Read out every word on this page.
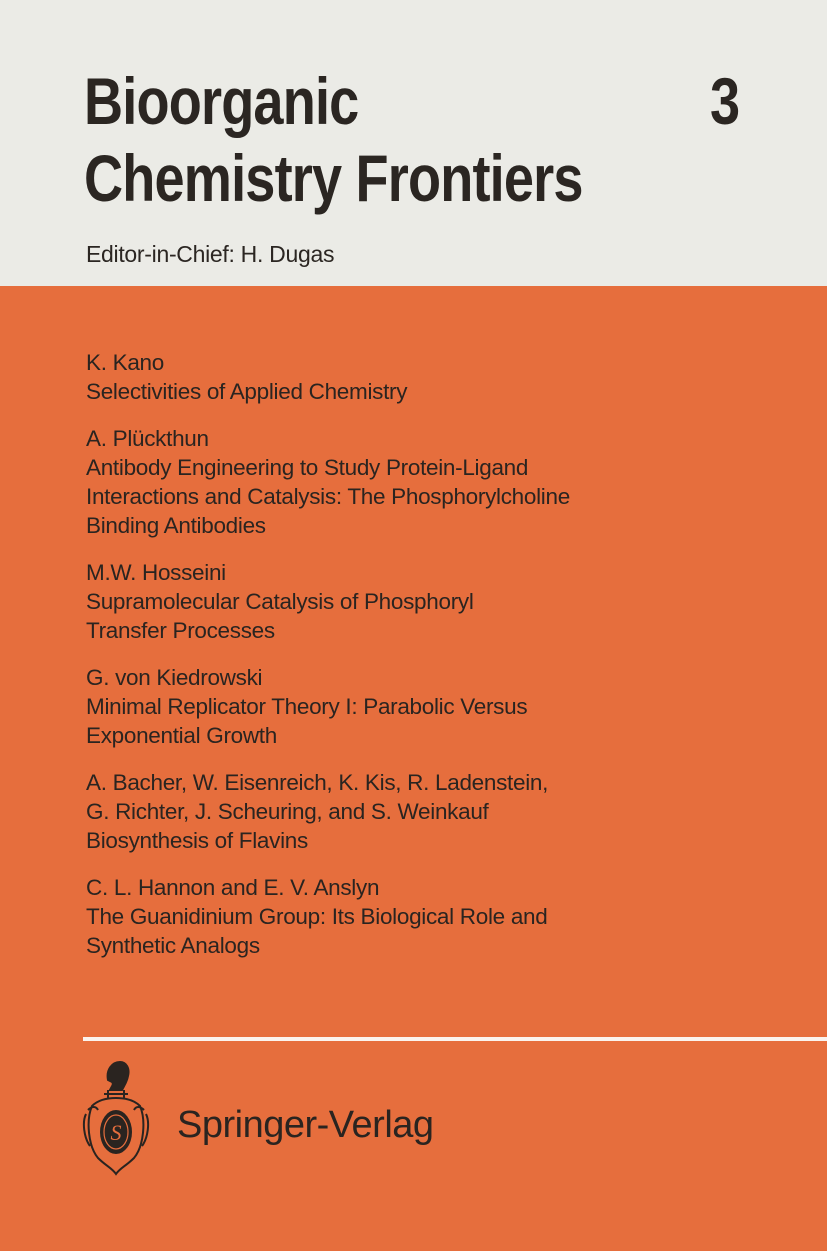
Bioorganic
Chemistry Frontiers
3
Editor-in-Chief: H. Dugas
K. Kano
Selectivities of Applied Chemistry
A. Plückthun
Antibody Engineering to Study Protein-Ligand
Interactions and Catalysis: The Phosphorylcholine
Binding Antibodies
M.W. Hosseini
Supramolecular Catalysis of Phosphoryl
Transfer Processes
G. von Kiedrowski
Minimal Replicator Theory I: Parabolic Versus
Exponential Growth
A. Bacher, W. Eisenreich, K. Kis, R. Ladenstein,
G. Richter, J. Scheuring, and S. Weinkauf
Biosynthesis of Flavins
C. L. Hannon and E. V. Anslyn
The Guanidinium Group: Its Biological Role and
Synthetic Analogs
S Springer-Verlag
